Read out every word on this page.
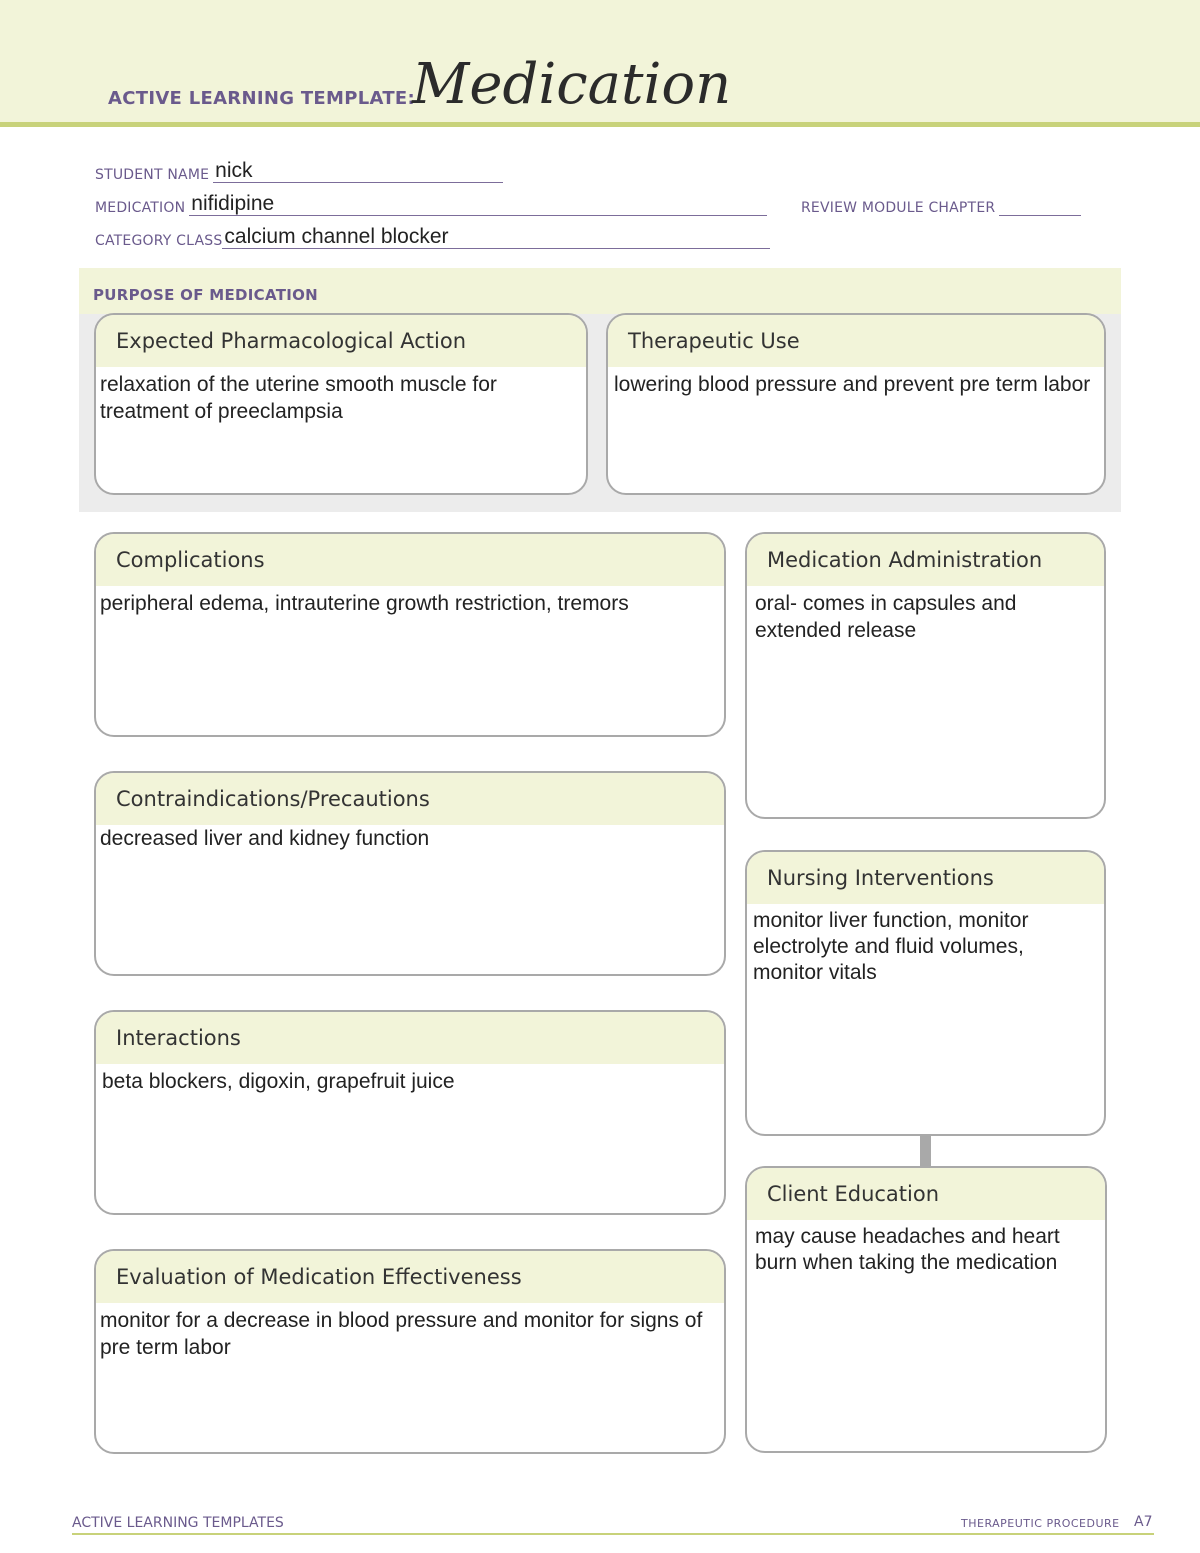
ACTIVE LEARNING TEMPLATE:
Medication
STUDENT NAME nick
MEDICATION nifidipine	REVIEW MODULE CHAPTER
CATEGORY CLASS calcium channel blocker
PURPOSE OF MEDICATION
Expected Pharmacological Action
relaxation of the uterine smooth muscle for treatment of preeclampsia
Therapeutic Use
lowering blood pressure and prevent pre term labor
Complications
peripheral edema, intrauterine growth restriction, tremors
Medication Administration
oral- comes in capsules and extended release
Contraindications/Precautions
decreased liver and kidney function
Nursing Interventions
monitor liver function, monitor electrolyte and fluid volumes, monitor vitals
Interactions
beta blockers, digoxin, grapefruit juice
Client Education
may cause headaches and heart burn when taking the medication
Evaluation of Medication Effectiveness
monitor for a decrease in blood pressure and monitor for signs of pre term labor
ACTIVE LEARNING TEMPLATES	THERAPEUTIC PROCEDURE A7
